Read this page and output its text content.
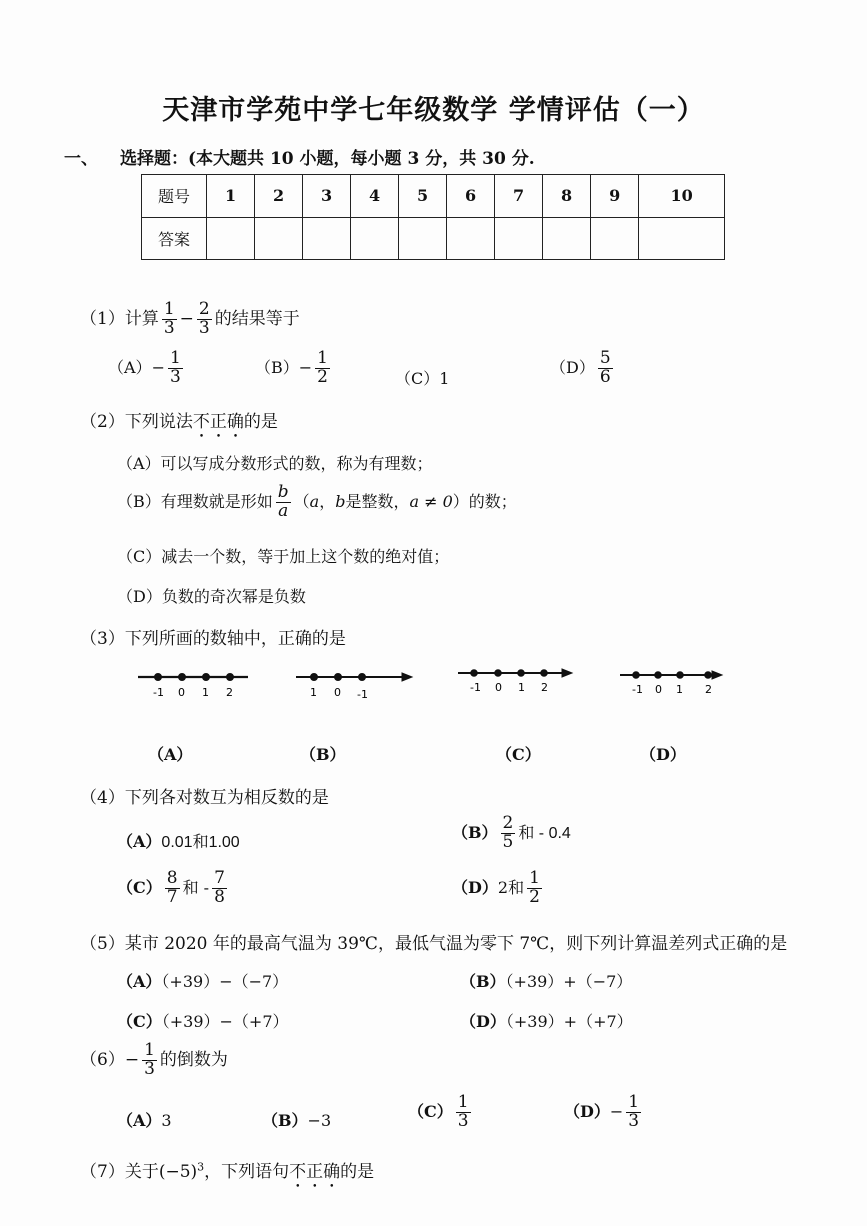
天津市学苑中学七年级数学 学情评估（一）
一、 选择题：(本大题共 10 小题，每小题 3 分，共 30 分.
题号	1	2	3	4	5	6	7	8	9	10
答案										
（1）计算 $\frac{1}{3} - \frac{2}{3}$ 的结果等于
$(A)- \frac{1}{3}$	$(B)- \frac{1}{2}$	（C）1
$(D) \frac{5}{6}$
（2）下列说法不正确的是
（A）可以写成分数形式的数，称为有理数；
（B）有理数就是形如 $\frac{b}{a} (a$，b是整数，a ≠ 0）的数；
（C）减去一个数，等于加上这个数的绝对值；
（D）负数的奇次幂是负数
（3）下列所画的数轴中，正确的是
-1 0 1 2	1 0 -1
-1 0 1 2	-1 0 1 2
（A）	（B）	（C）	（D）
（4）下列各对数互为相反数的是
（A）0.01和1.00
$(B) \frac{2}{5}$ 和 - 0.4
$(C) \frac{8}{7}$ 和 - $\frac{7}{8}$	（D）2和 $\frac{1}{2}$
（5）某市 2020 年的最高气温为 39℃，最低气温为零下 7℃，则下列计算温差列式正确的是
（A）（+39）−（−7）	（B）（+39）+（−7）
（C）（+39）−（+7）	（D）（+39）+（+7）
$(6)- \frac{1}{3}$ 的倒数为
（A）3	（B）−3	$(C) \frac{1}{3}$	$(D)- \frac{1}{3}$
（7）关于$(-5)^3$，下列语句不正确的是
